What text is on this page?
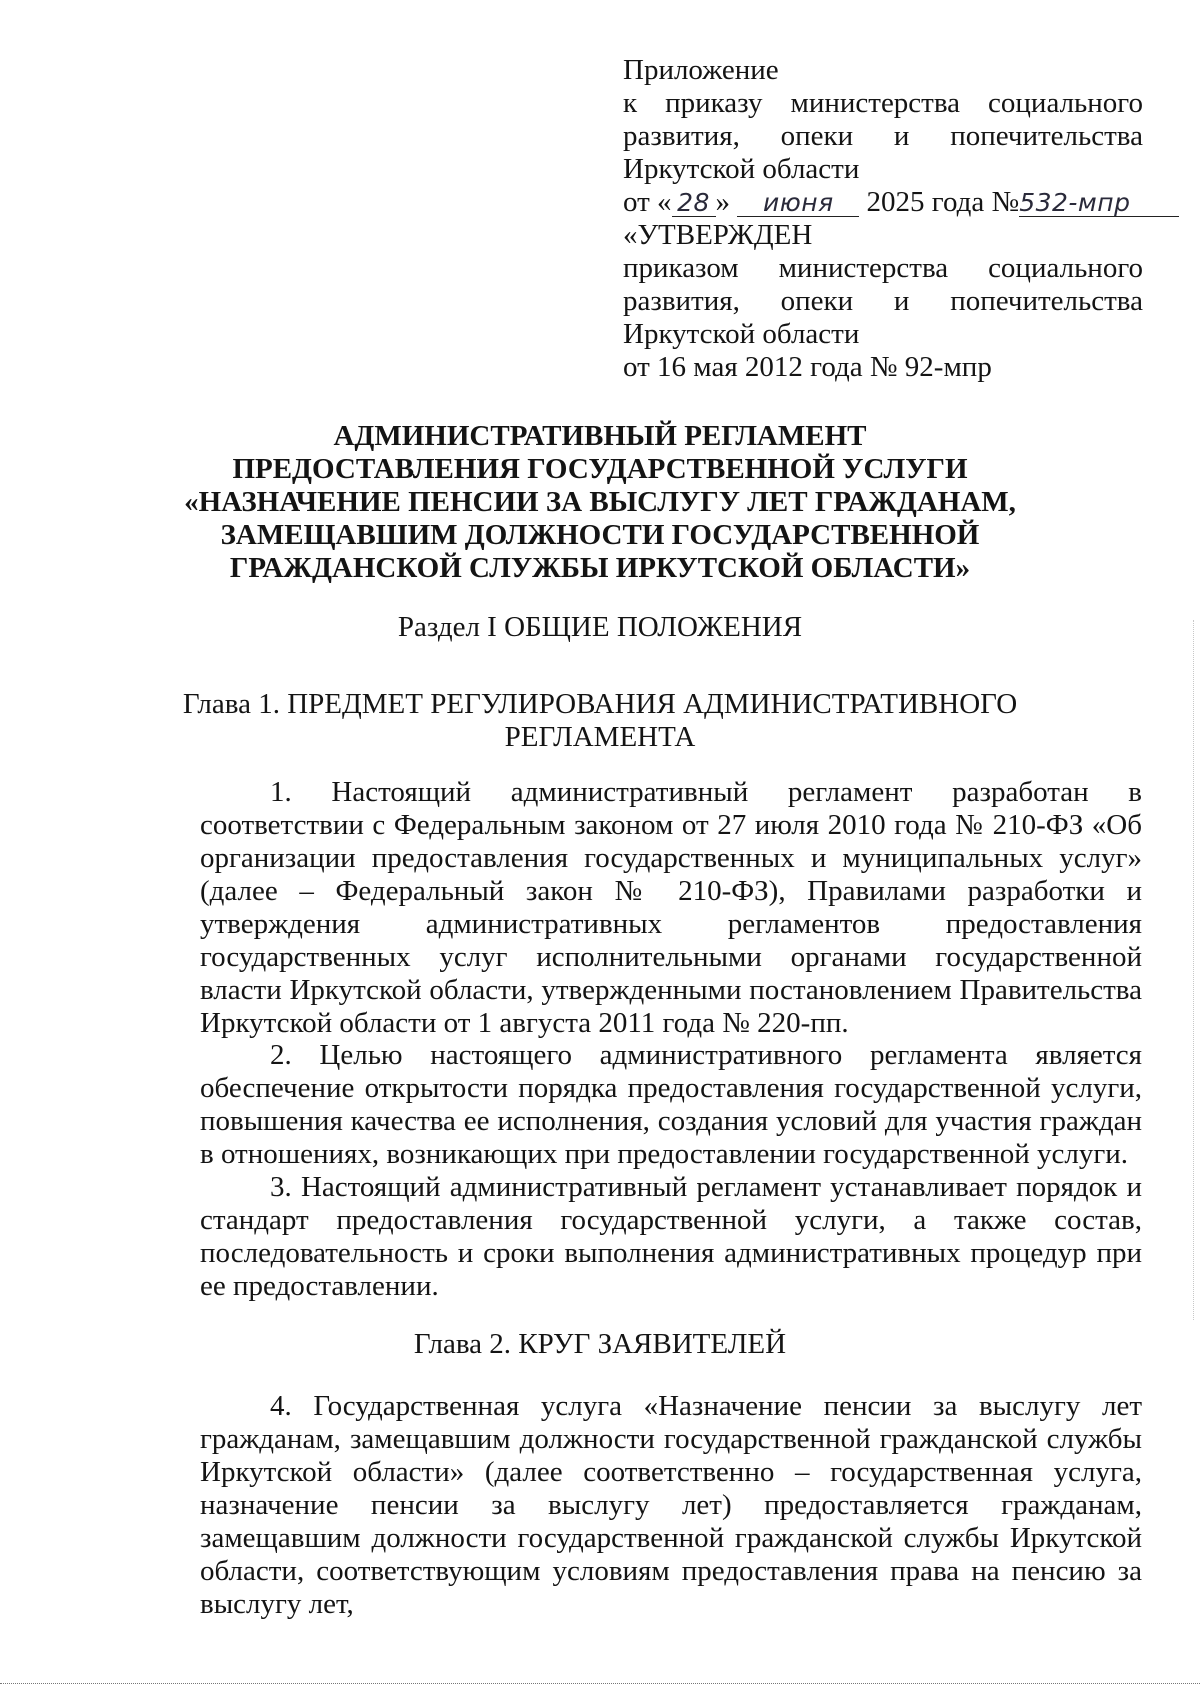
Приложение
к приказу министерства социального
развития, опеки и попечительства
Иркутской области
от « 28 » июня 2025 года №532-мпр
«УТВЕРЖДЕН
приказом министерства социального
развития, опеки и попечительства
Иркутской области
от 16 мая 2012 года № 92-мпр
АДМИНИСТРАТИВНЫЙ РЕГЛАМЕНТ
ПРЕДОСТАВЛЕНИЯ ГОСУДАРСТВЕННОЙ УСЛУГИ
«НАЗНАЧЕНИЕ ПЕНСИИ ЗА ВЫСЛУГУ ЛЕТ ГРАЖДАНАМ,
ЗАМЕЩАВШИМ ДОЛЖНОСТИ ГОСУДАРСТВЕННОЙ
ГРАЖДАНСКОЙ СЛУЖБЫ ИРКУТСКОЙ ОБЛАСТИ»
Раздел I ОБЩИЕ ПОЛОЖЕНИЯ
Глава 1. ПРЕДМЕТ РЕГУЛИРОВАНИЯ АДМИНИСТРАТИВНОГО
РЕГЛАМЕНТА
1. Настоящий административный регламент разработан в соответствии с Федеральным законом от 27 июля 2010 года № 210-ФЗ «Об организации предоставления государственных и муниципальных услуг» (далее – Федеральный закон № 210-ФЗ), Правилами разработки и утверждения административных регламентов предоставления государственных услуг исполнительными органами государственной власти Иркутской области, утвержденными постановлением Правительства Иркутской области от 1 августа 2011 года № 220-пп.
2. Целью настоящего административного регламента является обеспечение открытости порядка предоставления государственной услуги, повышения качества ее исполнения, создания условий для участия граждан в отношениях, возникающих при предоставлении государственной услуги.
3. Настоящий административный регламент устанавливает порядок и стандарт предоставления государственной услуги, а также состав, последовательность и сроки выполнения административных процедур при ее предоставлении.
Глава 2. КРУГ ЗАЯВИТЕЛЕЙ
4. Государственная услуга «Назначение пенсии за выслугу лет гражданам, замещавшим должности государственной гражданской службы Иркутской области» (далее соответственно – государственная услуга, назначение пенсии за выслугу лет) предоставляется гражданам, замещавшим должности государственной гражданской службы Иркутской области, соответствующим условиям предоставления права на пенсию за выслугу лет,
